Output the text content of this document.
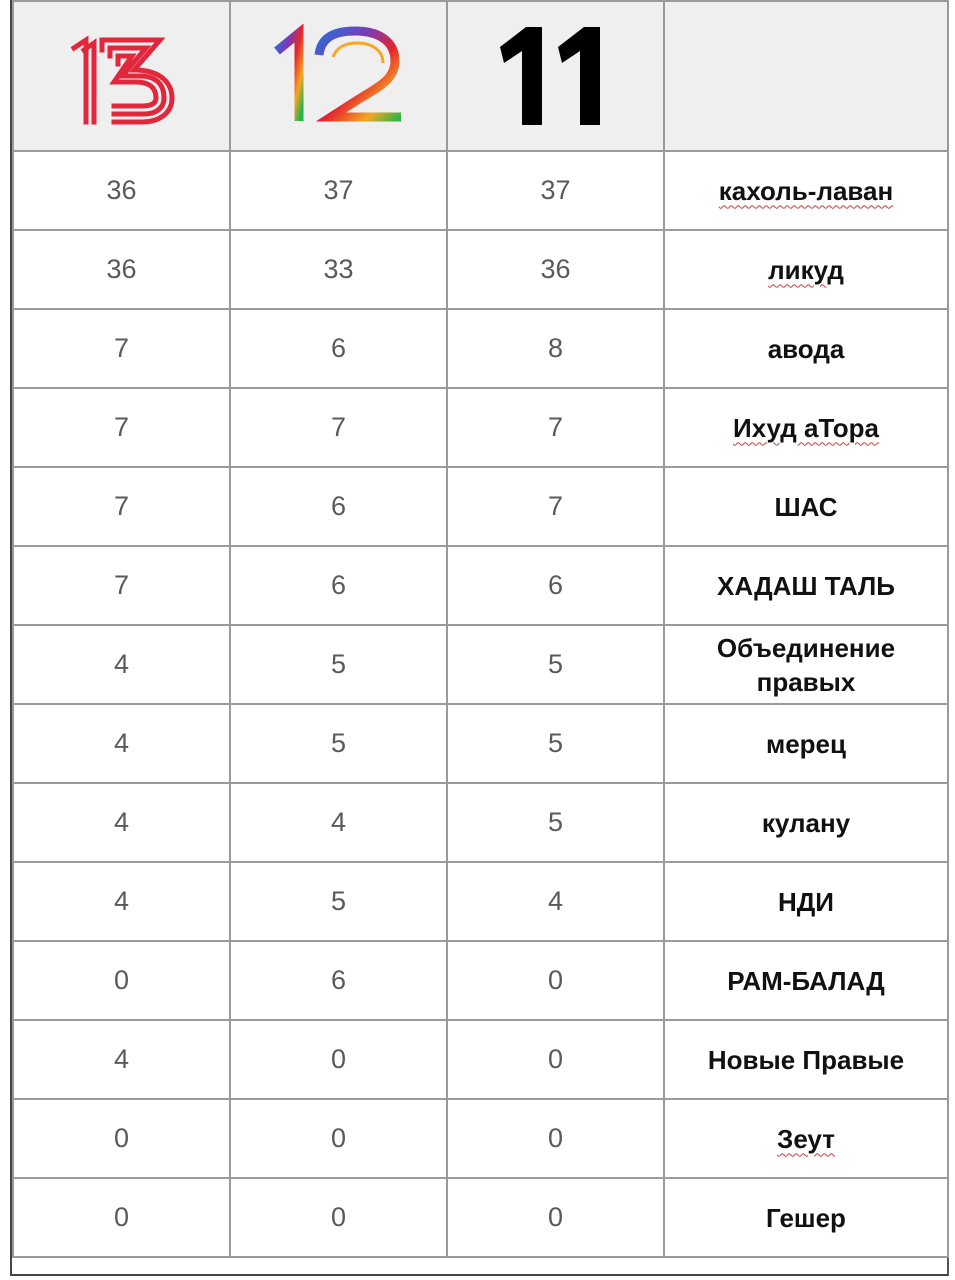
36	37	37	кахоль-лаван
36	33	36	ликуд
7	6	8	авода
7	7	7	Ихуд аТора
7	6	7	ШАС
7	6	6	ХАДАШ ТАЛЬ
4	5	5	Объединение правых
4	5	5	мерец
4	4	5	кулану
4	5	4	НДИ
0	6	0	РАМ-БАЛАД
4	0	0	Новые Правые
0	0	0	Зеут
0	0	0	Гешер
